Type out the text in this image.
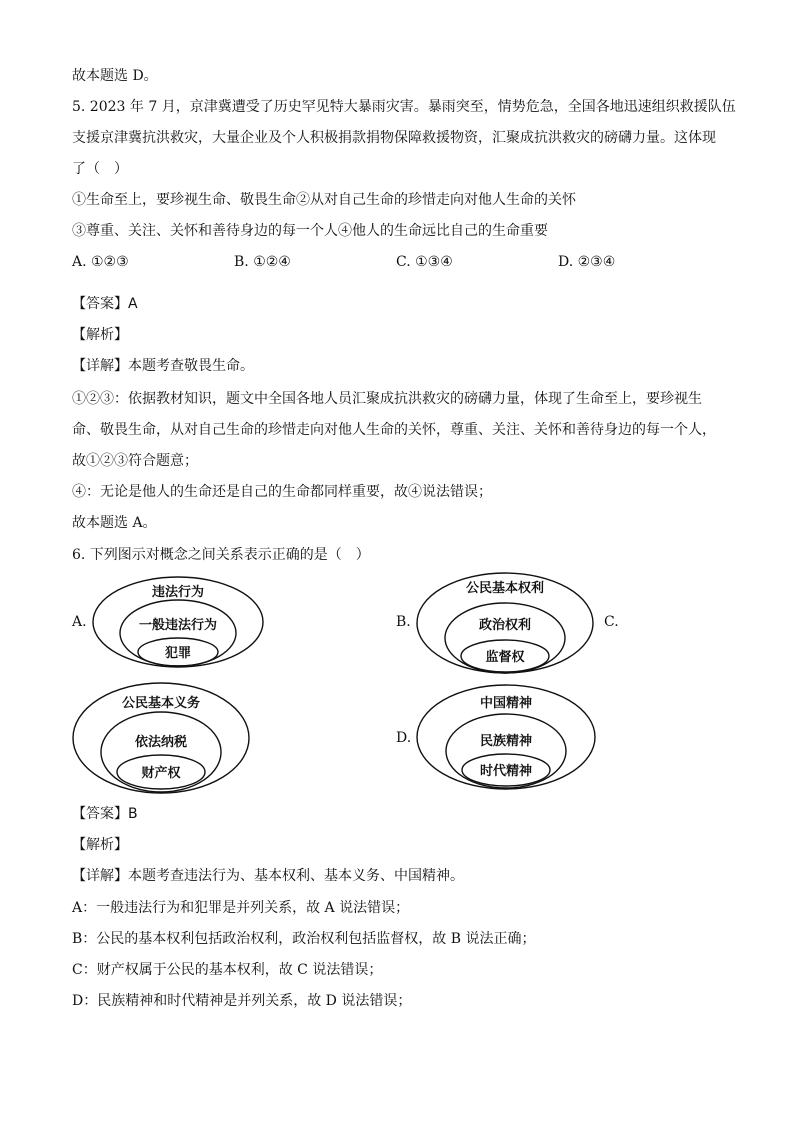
故本题选 D。
5. 2023 年 7 月，京津冀遭受了历史罕见特大暴雨灾害。暴雨突至，情势危急，全国各地迅速组织救援队伍
支援京津冀抗洪救灾，大量企业及个人积极捐款捐物保障救援物资，汇聚成抗洪救灾的磅礴力量。这体现
了（　）
①生命至上，要珍视生命、敬畏生命②从对自己生命的珍惜走向对他人生命的关怀
③尊重、关注、关怀和善待身边的每一个人④他人的生命远比自己的生命重要
A. ①②③	B. ①②④	C. ①③④	D. ②③④
【答案】A
【解析】
【详解】本题考查敬畏生命。
①②③：依据教材知识，题文中全国各地人员汇聚成抗洪救灾的磅礴力量，体现了生命至上，要珍视生
命、敬畏生命，从对自己生命的珍惜走向对他人生命的关怀，尊重、关注、关怀和善待身边的每一个人，
故①②③符合题意；
④：无论是他人的生命还是自己的生命都同样重要，故④说法错误；
故本题选 A。
6. 下列图示对概念之间关系表示正确的是（　）
A.	B.	C.
D.
违法行为
一般违法行为
犯罪
公民基本权利
政治权利
监督权
公民基本义务
依法纳税
财产权
中国精神
民族精神
时代精神
【答案】B
【解析】
【详解】本题考查违法行为、基本权利、基本义务、中国精神。
A：一般违法行为和犯罪是并列关系，故 A 说法错误；
B：公民的基本权利包括政治权利，政治权利包括监督权，故 B 说法正确；
C：财产权属于公民的基本权利，故 C 说法错误；
D：民族精神和时代精神是并列关系，故 D 说法错误；
